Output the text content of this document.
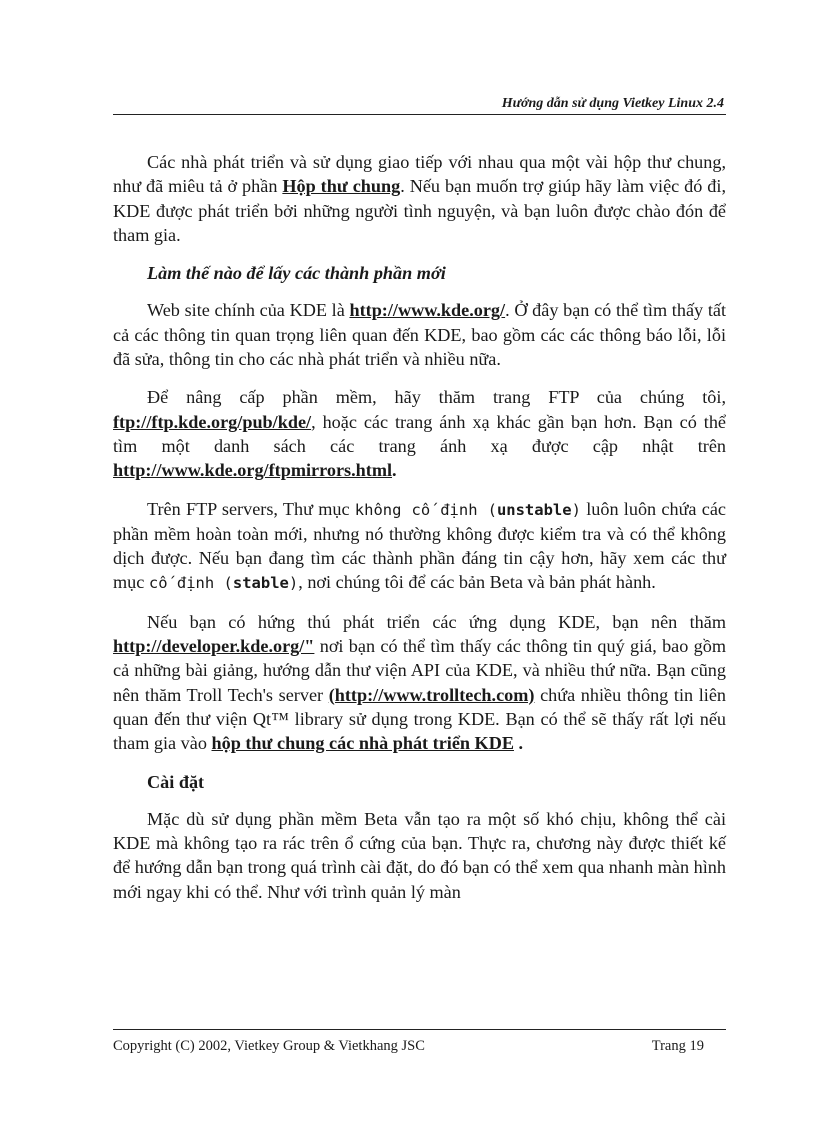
Hướng dẫn sử dụng Vietkey Linux 2.4

Các nhà phát triển và sử dụng giao tiếp với nhau qua một vài hộp thư chung, như đã miêu tả ở phần Hộp thư chung. Nếu bạn muốn trợ giúp hãy làm việc đó đi, KDE được phát triển bởi những người tình nguyện, và bạn luôn được chào đón để tham gia.

Làm thế nào để lấy các thành phần mới

Web site chính của KDE là http://www.kde.org/. Ở đây bạn có thể tìm thấy tất cả các thông tin quan trọng liên quan đến KDE, bao gồm các các thông báo lỗi, lỗi đã sửa, thông tin cho các nhà phát triển và nhiều nữa.

Để nâng cấp phần mềm, hãy thăm trang FTP của chúng tôi, ftp://ftp.kde.org/pub/kde/, hoặc các trang ánh xạ khác gần bạn hơn. Bạn có thể tìm một danh sách các trang ánh xạ được cập nhật trên http://www.kde.org/ftpmirrors.html.

Trên FTP servers, Thư mục không cố định (unstable) luôn luôn chứa các phần mềm hoàn toàn mới, nhưng nó thường không được kiểm tra và có thể không dịch được. Nếu bạn đang tìm các thành phần đáng tin cậy hơn, hãy xem các thư mục cố định (stable), nơi chúng tôi để các bản Beta và bản phát hành.

Nếu bạn có hứng thú phát triển các ứng dụng KDE, bạn nên thăm http://developer.kde.org/" nơi bạn có thể tìm thấy các thông tin quý giá, bao gồm cả những bài giảng, hướng dẫn thư viện API của KDE, và nhiều thứ nữa. Bạn cũng nên thăm Troll Tech's server (http://www.trolltech.com) chứa nhiều thông tin liên quan đến thư viện Qt™ library sử dụng trong KDE. Bạn có thể sẽ thấy rất lợi nếu tham gia vào hộp thư chung các nhà phát triển KDE .

Cài đặt

Mặc dù sử dụng phần mềm Beta vẫn tạo ra một số khó chịu, không thể cài KDE mà không tạo ra rác trên ổ cứng của bạn. Thực ra, chương này được thiết kế để hướng dẫn bạn trong quá trình cài đặt, do đó bạn có thể xem qua nhanh màn hình mới ngay khi có thể. Như với trình quản lý màn

Copyright (C) 2002, Vietkey Group & Vietkhang JSC	Trang 19
